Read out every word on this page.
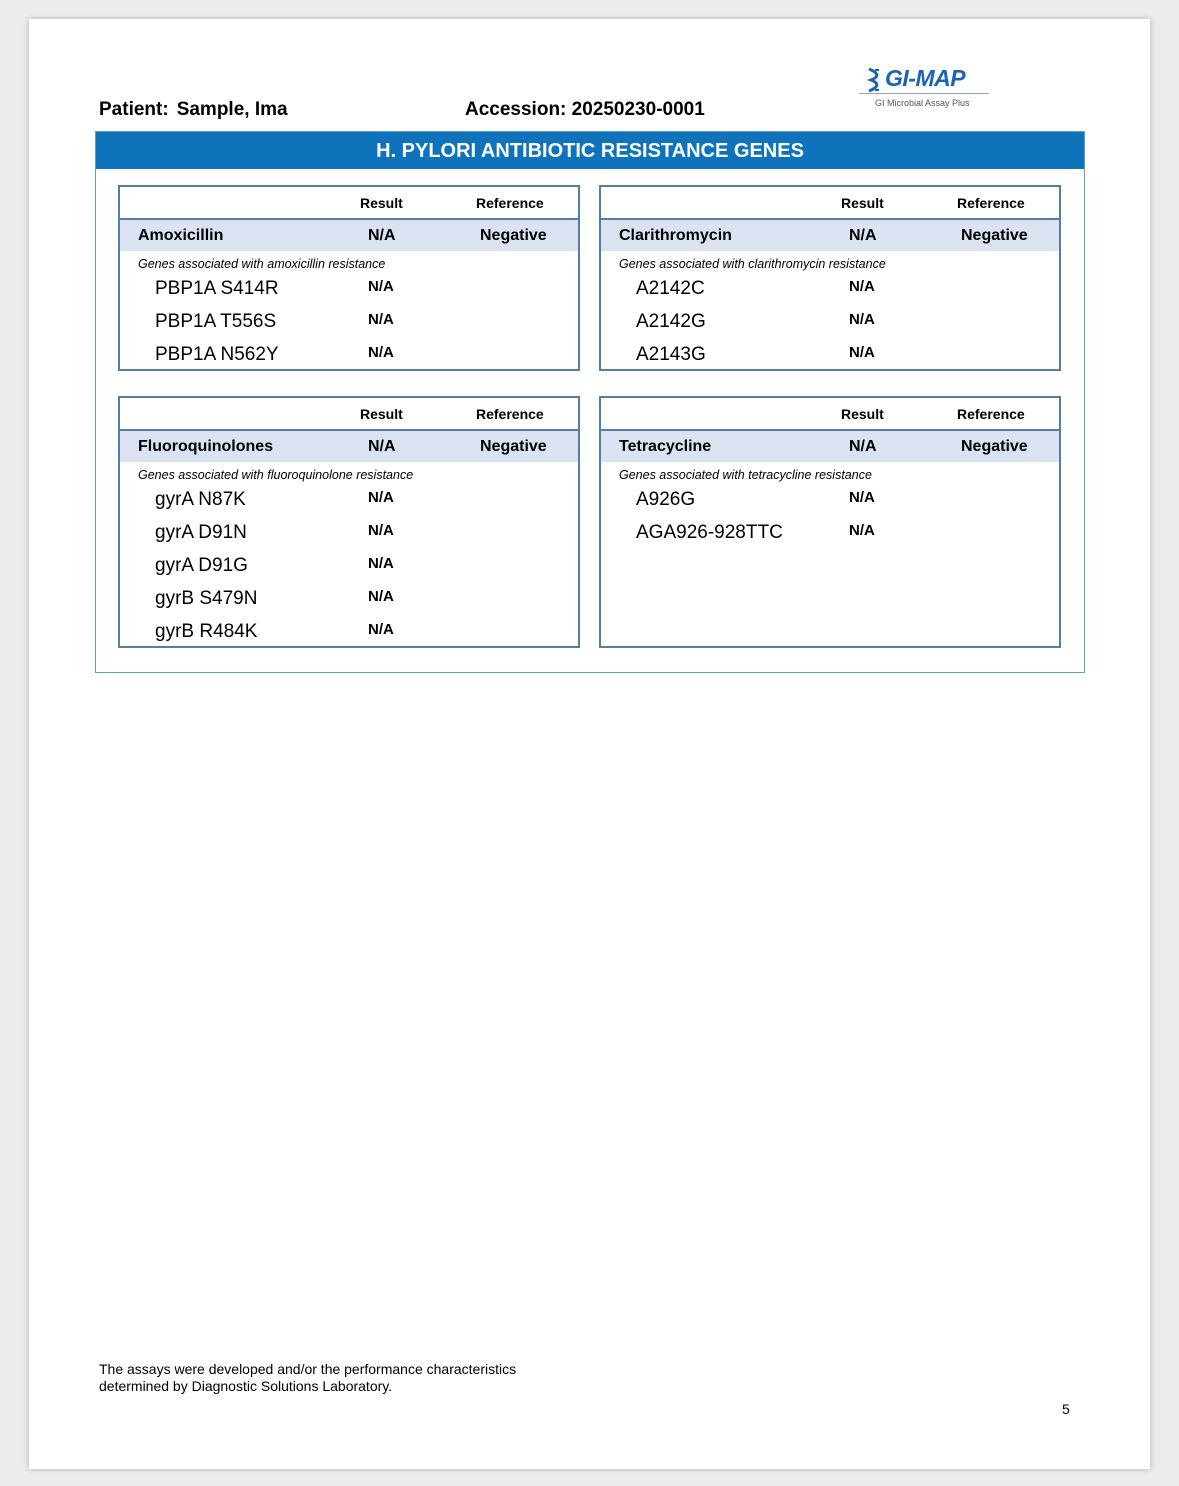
Patient: Sample, Ima	Accession: 20250230-0001
GI-MAP
GI Microbial Assay Plus
H. PYLORI ANTIBIOTIC RESISTANCE GENES
Result	Reference
Amoxicillin	N/A	Negative
Genes associated with amoxicillin resistance
PBP1A S414R	N/A
PBP1A T556S	N/A
PBP1A N562Y	N/A
Result	Reference
Clarithromycin	N/A	Negative
Genes associated with clarithromycin resistance
A2142C	N/A
A2142G	N/A
A2143G	N/A
Result	Reference
Fluoroquinolones	N/A	Negative
Genes associated with fluoroquinolone resistance
gyrA N87K	N/A
gyrA D91N	N/A
gyrA D91G	N/A
gyrB S479N	N/A
gyrB R484K	N/A
Result	Reference
Tetracycline	N/A	Negative
Genes associated with tetracycline resistance
A926G	N/A
AGA926-928TTC	N/A
The assays were developed and/or the performance characteristics
determined by Diagnostic Solutions Laboratory.
5
